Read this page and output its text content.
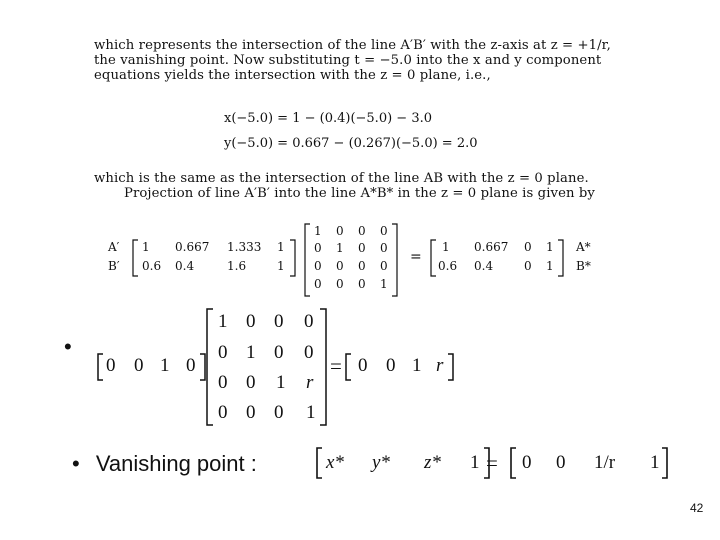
which represents the intersection of the line A′B′ with the z-axis at z = +1/r,
the vanishing point. Now substituting t = −5.0 into the x and y component
equations yields the intersection with the z = 0 plane, i.e.,
x(−5.0) = 1 − (0.4)(−5.0) − 3.0
y(−5.0) = 0.667 − (0.267)(−5.0) = 2.0
which is the same as the intersection of the line AB with the z = 0 plane.
Projection of line A′B′ into the line A*B* in the z = 0 plane is given by
A′
B′
1 0.667 1.333 1
0.6 0.4	1.6	1
1 0 0 0
0 1 0 0
0 0 0 0
0 0 0 1
=
1 0.667 0 1
0.6 0.4	0 1
A*
B*
•
0 0 1 0
1 0 0 0
0 1 0 0
0 0 1 r
0 0 0 1
= 0 0 1 r
• Vanishing point :	x* y* z* 1 = 0 0 1/r 1
42
